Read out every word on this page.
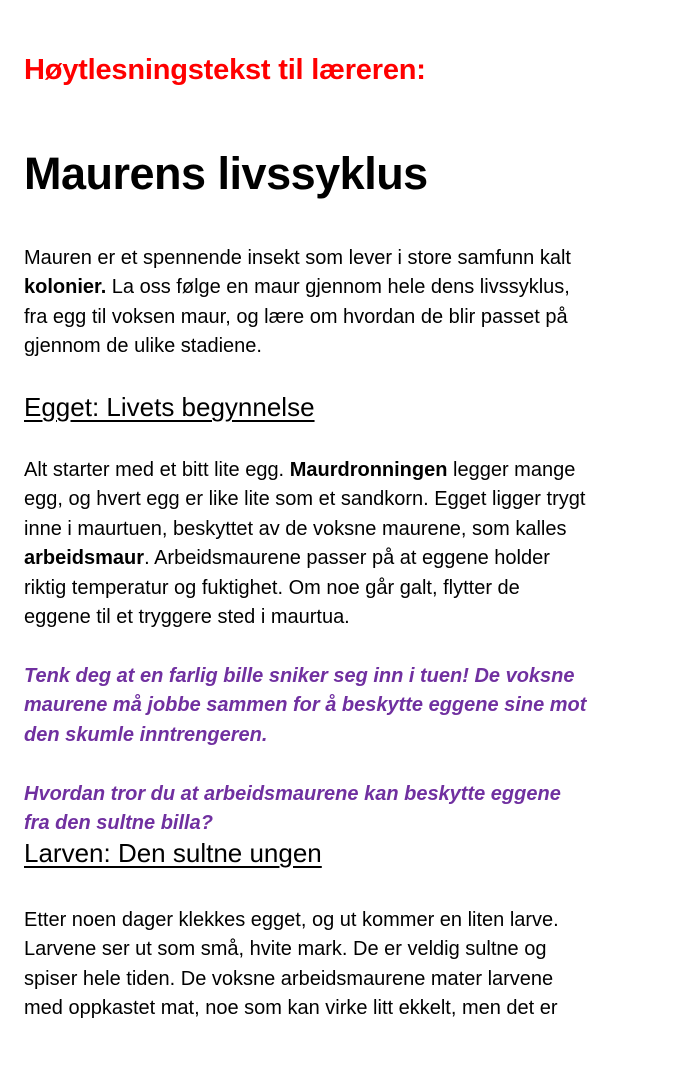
Høytlesningstekst til læreren:
Maurens livssyklus

Mauren er et spennende insekt som lever i store samfunn kalt
kolonier. La oss følge en maur gjennom hele dens livssyklus,
fra egg til voksen maur, og lære om hvordan de blir passet på
gjennom de ulike stadiene.

Egget: Livets begynnelse

Alt starter med et bitt lite egg. Maurdronningen legger mange
egg, og hvert egg er like lite som et sandkorn. Egget ligger trygt
inne i maurtuen, beskyttet av de voksne maurene, som kalles
arbeidsmaur. Arbeidsmaurene passer på at eggene holder
riktig temperatur og fuktighet. Om noe går galt, flytter de
eggene til et tryggere sted i maurtua.

Tenk deg at en farlig bille sniker seg inn i tuen! De voksne
maurene må jobbe sammen for å beskytte eggene sine mot
den skumle inntrengeren.

Hvordan tror du at arbeidsmaurene kan beskytte eggene
fra den sultne billa?

Larven: Den sultne ungen

Etter noen dager klekkes egget, og ut kommer en liten larve.
Larvene ser ut som små, hvite mark. De er veldig sultne og
spiser hele tiden. De voksne arbeidsmaurene mater larvene
med oppkastet mat, noe som kan virke litt ekkelt, men det er
